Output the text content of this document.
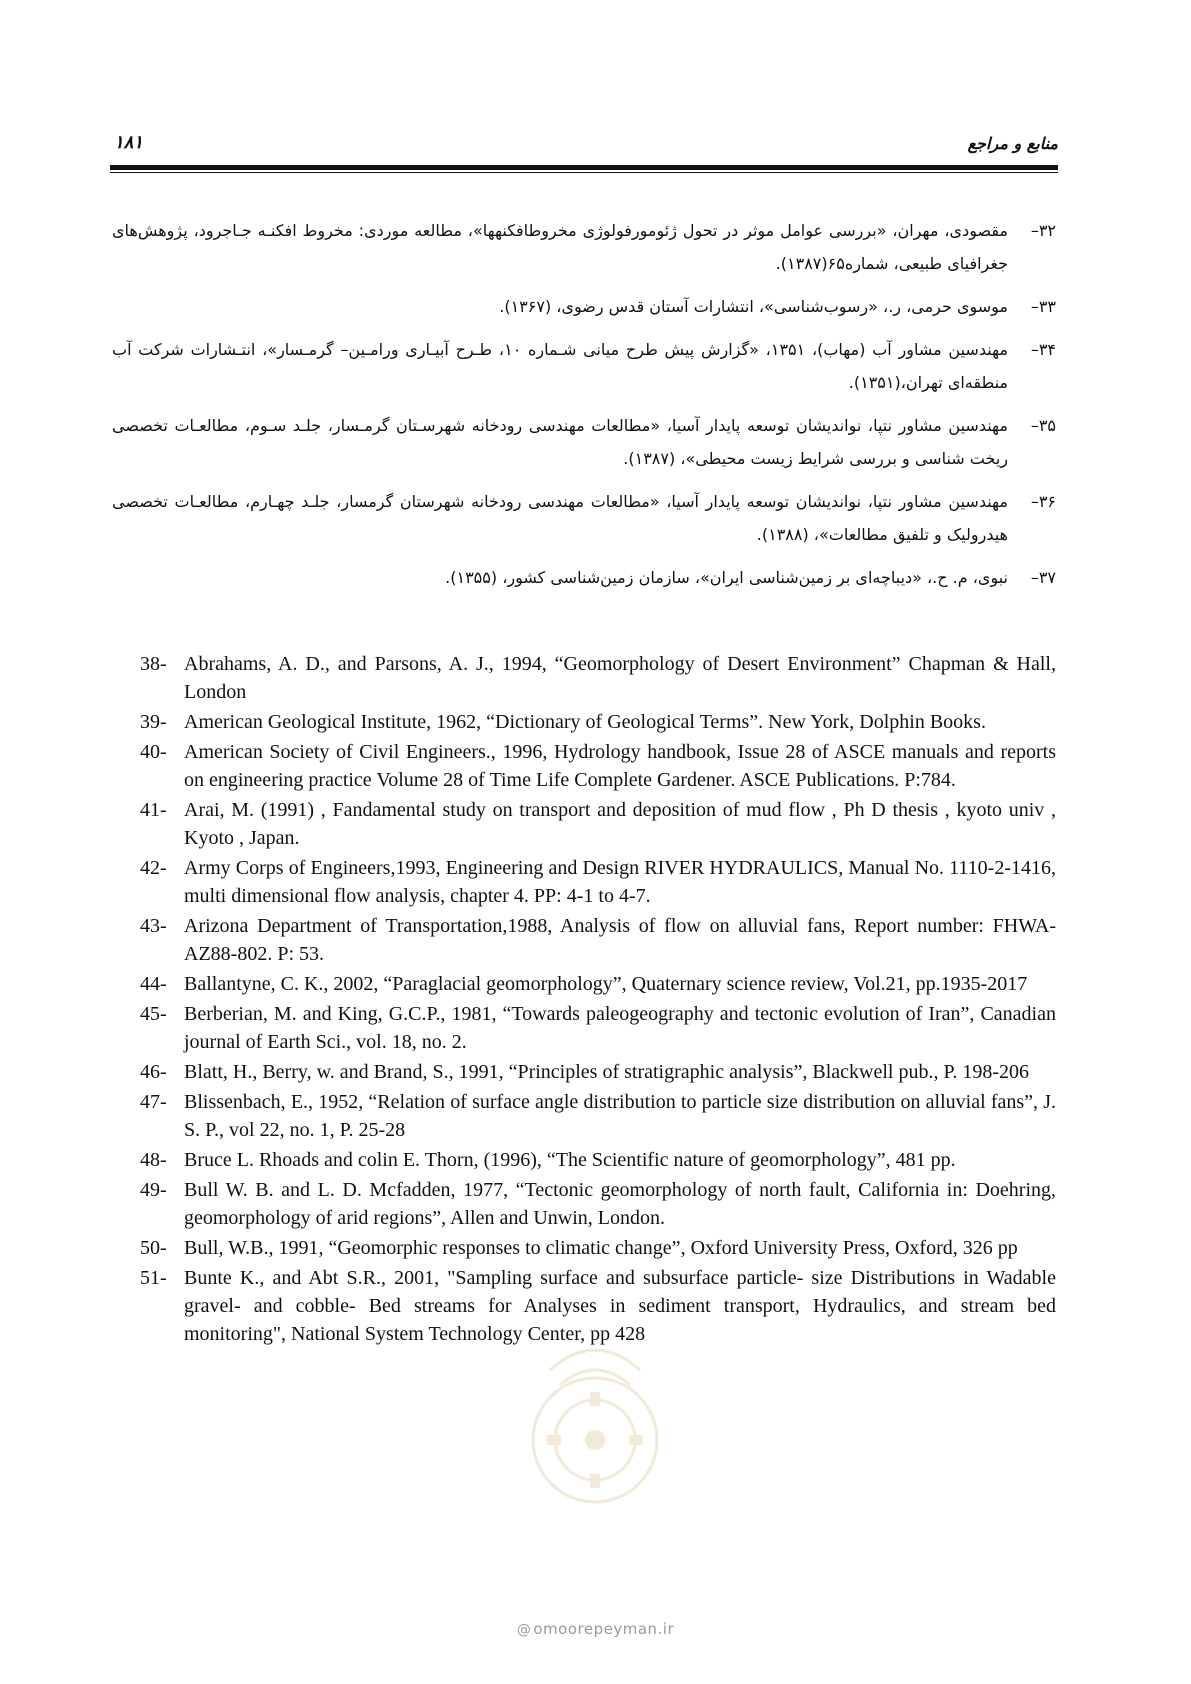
منابع و مراجع
۱۸۱
۳۲–
مقصودی، مهران، «بررسی عوامل موثر در تحول ژئومورفولوژی مخروطافکنهها»، مطالعه موردی: مخروط افکنـه جـاجرود، پژوهش‌های جغرافیای طبیعی، شماره۶۵(۱۳۸۷).
۳۳–
موسوی حرمی، ر.، «رسوب‌شناسی»، انتشارات آستان قدس رضوی، (۱۳۶۷).
۳۴–
مهندسین مشاور آب (مهاب)، ۱۳۵۱، «گزارش پیش طرح میانی شـماره ۱۰، طـرح آبیـاری ورامـین– گرمـسار»، انتـشارات شرکت آب منطقه‌ای تهران،(۱۳۵۱).
۳۵–
مهندسین مشاور نتپا، نواندیشان توسعه پایدار آسیا، «مطالعات مهندسی رودخانه شهرسـتان گرمـسار، جلـد سـوم، مطالعـات تخصصی ریخت شناسی و بررسی شرایط زیست محیطی»، (۱۳۸۷).
۳۶–
مهندسین مشاور نتپا، نواندیشان توسعه پایدار آسیا، «مطالعات مهندسی رودخانه شهرستان گرمسار، جلـد چهـارم، مطالعـات تخصصی هیدرولیک و تلفیق مطالعات»، (۱۳۸۸).
۳۷–
نبوی، م. ح.، «دیباچه‌ای بر زمین‌شناسی ایران»، سازمان زمین‌شناسی کشور، (۱۳۵۵).
38- Abrahams, A. D., and Parsons, A. J., 1994, “Geomorphology of Desert Environment” Chapman & Hall, London
39- American Geological Institute, 1962, “Dictionary of Geological Terms”. New York, Dolphin Books.
40- American Society of Civil Engineers., 1996, Hydrology handbook, Issue 28 of ASCE manuals and reports on engineering practice Volume 28 of Time Life Complete Gardener. ASCE Publications. P:784.
41- Arai, M. (1991) , Fandamental study on transport and deposition of mud flow , Ph D thesis , kyoto univ , Kyoto , Japan.
42- Army Corps of Engineers,1993, Engineering and Design RIVER HYDRAULICS, Manual No. 1110-2-1416, multi dimensional flow analysis, chapter 4. PP: 4-1 to 4-7.
43- Arizona Department of Transportation,1988, Analysis of flow on alluvial fans, Report number: FHWA-AZ88-802. P: 53.
44- Ballantyne, C. K., 2002, “Paraglacial geomorphology”, Quaternary science review, Vol.21, pp.1935-2017
45- Berberian, M. and King, G.C.P., 1981, “Towards paleogeography and tectonic evolution of Iran”, Canadian journal of Earth Sci., vol. 18, no. 2.
46- Blatt, H., Berry, w. and Brand, S., 1991, “Principles of stratigraphic analysis”, Blackwell pub., P. 198-206
47- Blissenbach, E., 1952, “Relation of surface angle distribution to particle size distribution on alluvial fans”, J. S. P., vol 22, no. 1, P. 25-28
48- Bruce L. Rhoads and colin E. Thorn, (1996), “The Scientific nature of geomorphology”, 481 pp.
49- Bull W. B. and L. D. Mcfadden, 1977, “Tectonic geomorphology of north fault, California in: Doehring, geomorphology of arid regions”, Allen and Unwin, London.
50- Bull, W.B., 1991, “Geomorphic responses to climatic change”, Oxford University Press, Oxford, 326 pp
51- Bunte K., and Abt S.R., 2001, "Sampling surface and subsurface particle- size Distributions in Wadable gravel- and cobble- Bed streams for Analyses in sediment transport, Hydraulics, and stream bed monitoring", National System Technology Center, pp 428
@ omoorepeyman.ir
